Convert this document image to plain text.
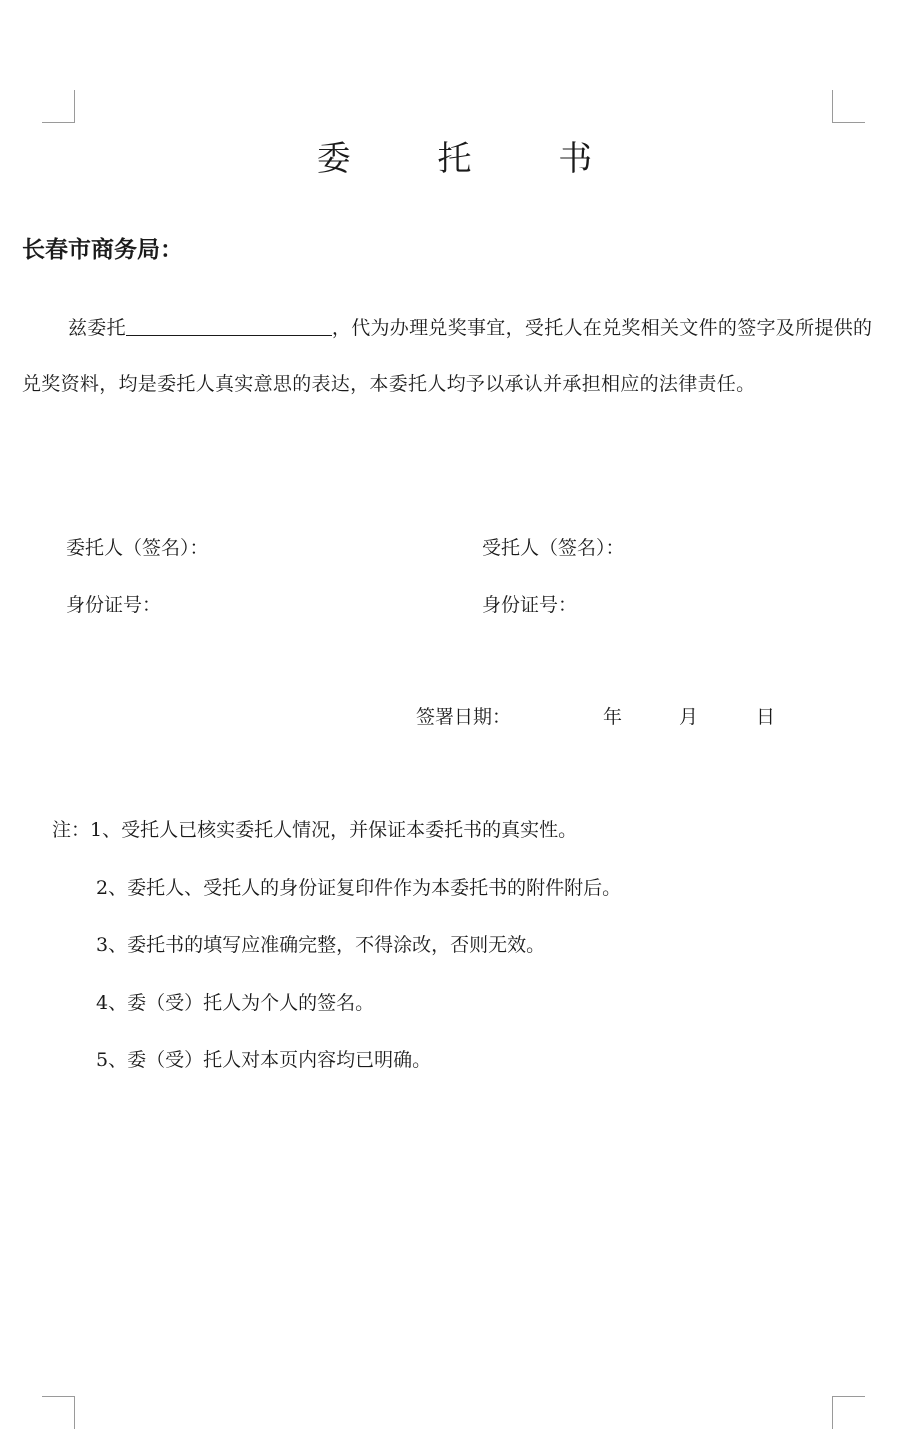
委 托 书
长春市商务局：
兹委托	，代为办理兑奖事宜，受托人在兑奖相关文件的签字及所提供的兑奖资料，均是委托人真实意思的表达，本委托人均予以承认并承担相应的法律责任。
委托人（签名）：	受托人（签名）：
身份证号：	身份证号：
签署日期：	年	月	日
注：1、受托人已核实委托人情况，并保证本委托书的真实性。
2、委托人、受托人的身份证复印件作为本委托书的附件附后。
3、委托书的填写应准确完整，不得涂改，否则无效。
4、委（受）托人为个人的签名。
5、委（受）托人对本页内容均已明确。
